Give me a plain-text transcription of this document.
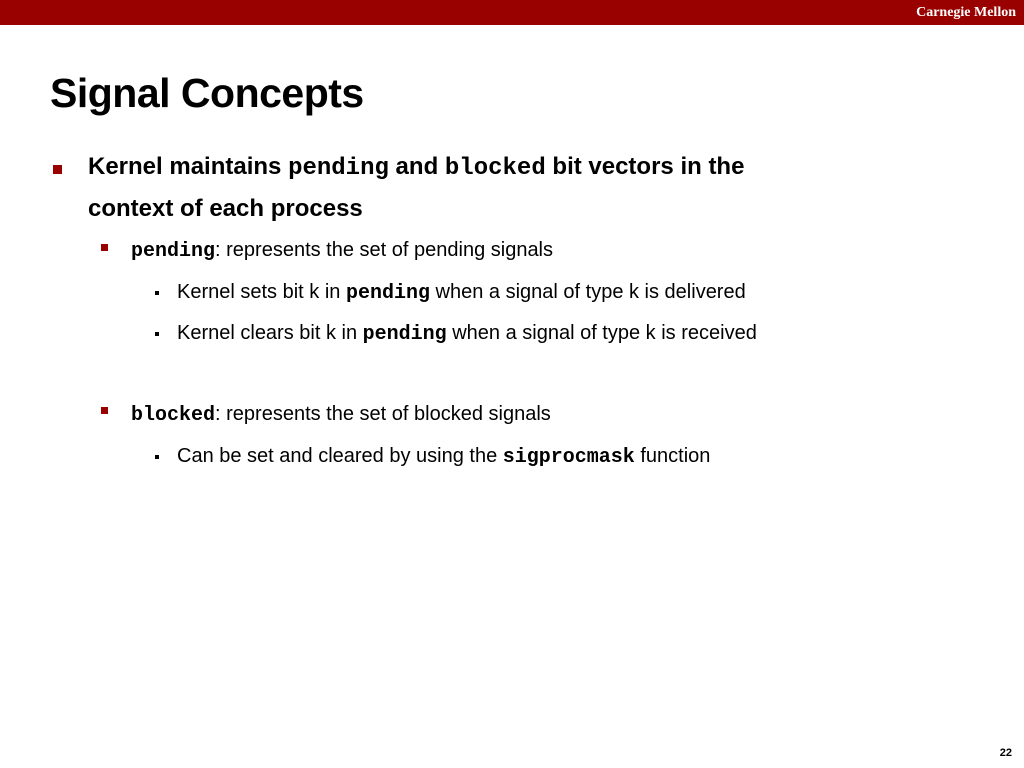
Carnegie Mellon
Signal Concepts
Kernel maintains pending and blocked bit vectors in the
context of each process
pending: represents the set of pending signals
Kernel sets bit k in pending when a signal of type k is delivered
Kernel clears bit k in pending when a signal of type k is received
blocked: represents the set of blocked signals
Can be set and cleared by using the sigprocmask function
22
